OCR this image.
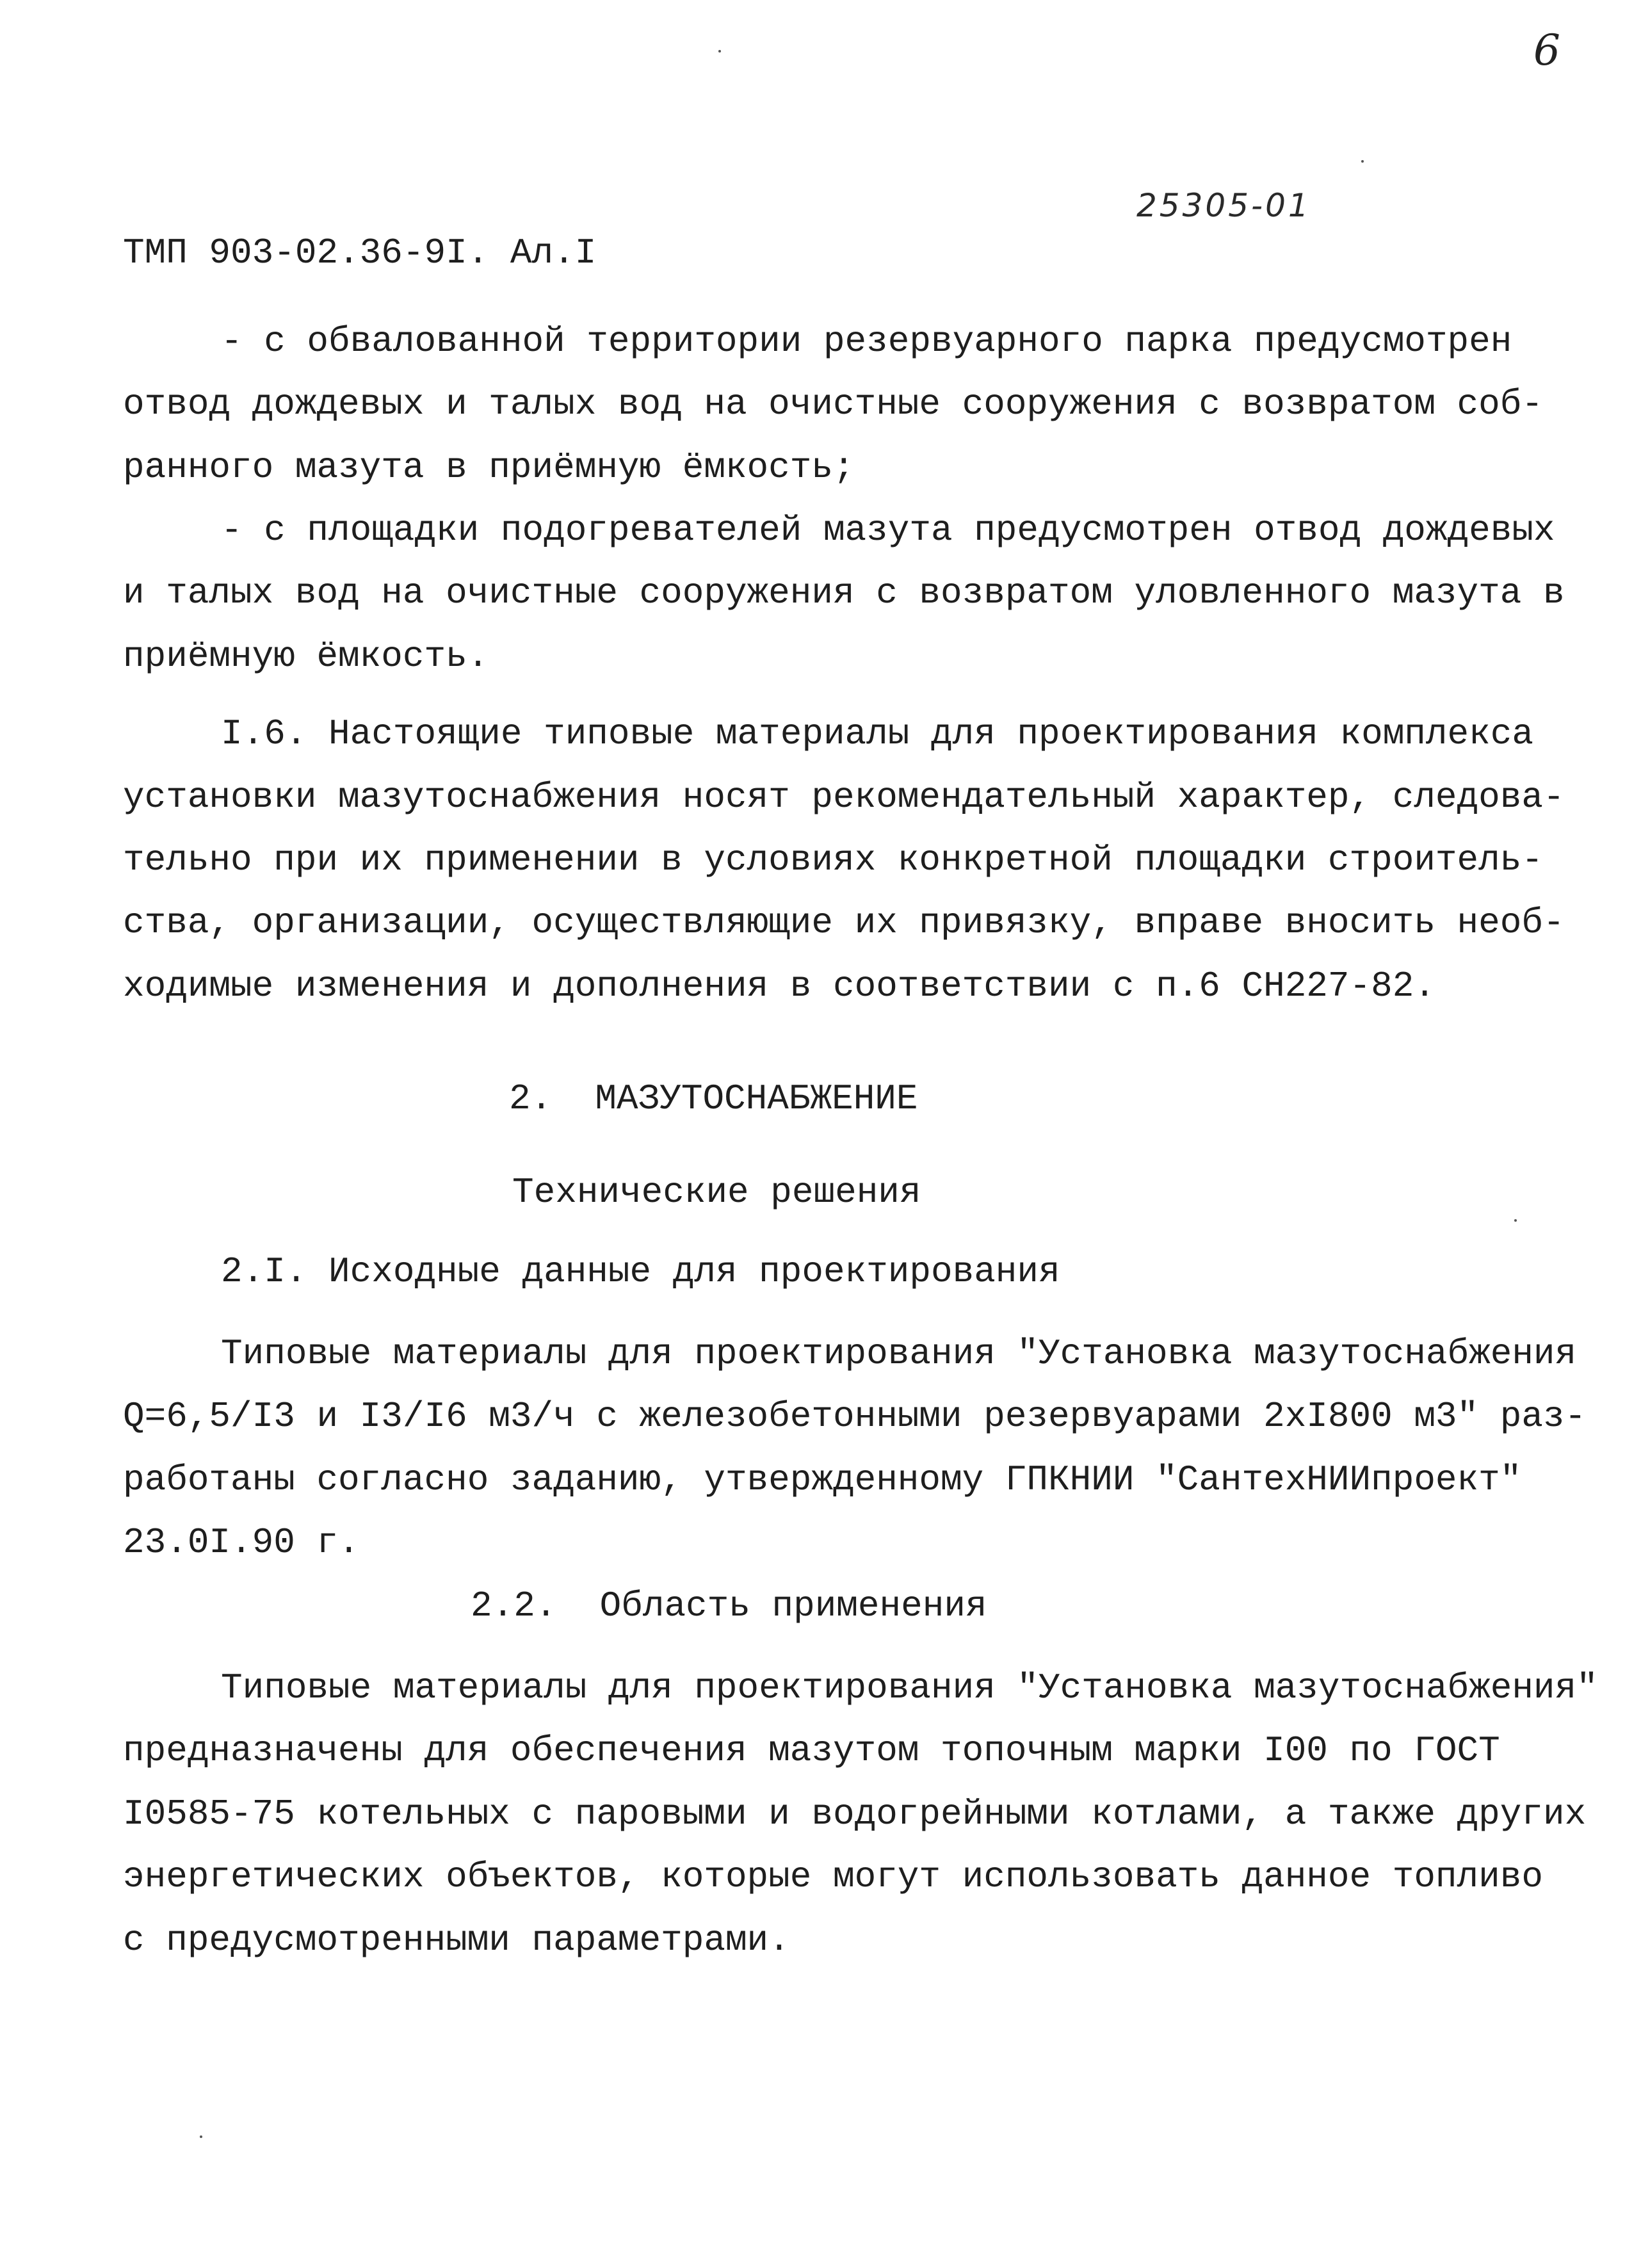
6
25305-01
ТМП 903-02.36-9I. Ал.I
- с обвалованной территории резервуарного парка предусмотрен
отвод дождевых и талых вод на очистные сооружения с возвратом соб-
ранного мазута в приёмную ёмкость;
- с площадки подогревателей мазута предусмотрен отвод дождевых
и талых вод на очистные сооружения с возвратом уловленного мазута в
приёмную ёмкость.
I.6. Настоящие типовые материалы для проектирования комплекса
установки мазутоснабжения носят рекомендательный характер, следова-
тельно при их применении в условиях конкретной площадки строитель-
ства, организации, осуществляющие их привязку, вправе вносить необ-
ходимые изменения и дополнения в соответствии с п.6 СН227-82.
2.  МАЗУТОСНАБЖЕНИЕ
Технические решения
2.I. Исходные данные для проектирования
Типовые материалы для проектирования "Установка мазутоснабжения
Q=6,5/I3 и I3/I6 м3/ч с железобетонными резервуарами 2хI800 м3" раз-
работаны согласно заданию, утвержденному ГПКНИИ "СантехНИИпроект"
23.0I.90 г.
2.2.  Область применения
Типовые материалы для проектирования "Установка мазутоснабжения"
предназначены для обеспечения мазутом топочным марки I00 по ГОСТ
I0585-75 котельных с паровыми и водогрейными котлами, а также других
энергетических объектов, которые могут использовать данное топливо
с предусмотренными параметрами.
